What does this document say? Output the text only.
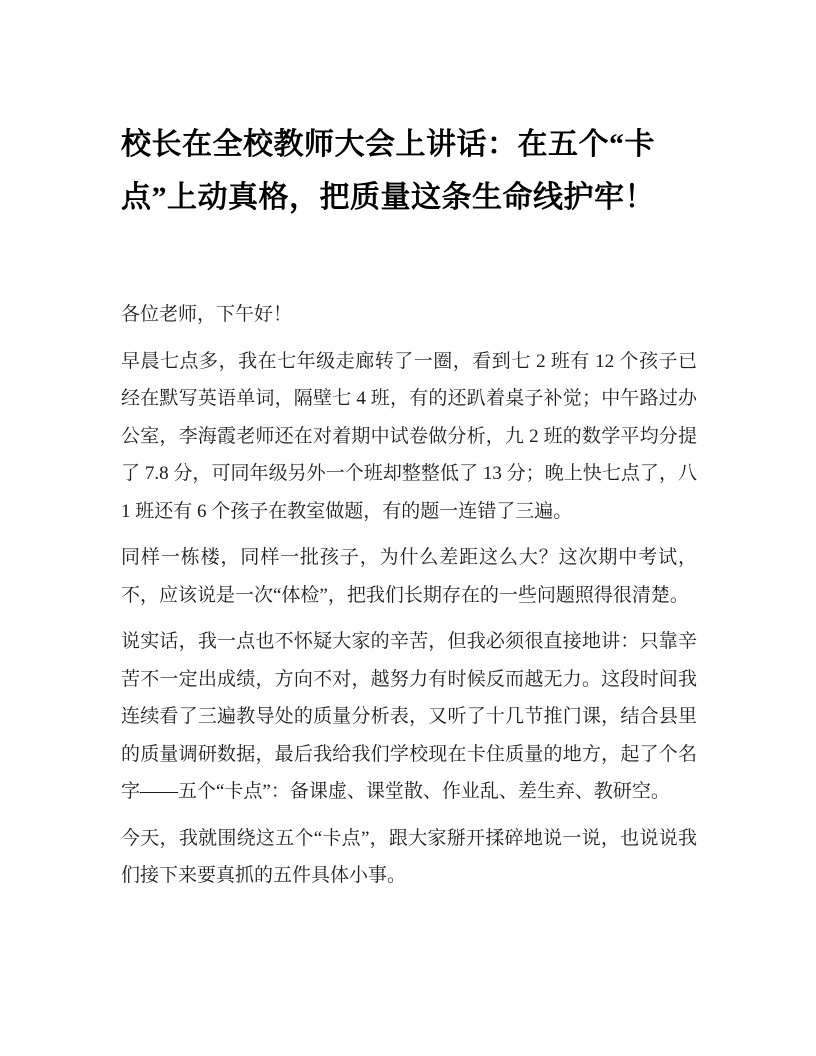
校长在全校教师大会上讲话：在五个“卡点”上动真格，把质量这条生命线护牢！

各位老师，下午好！

早晨七点多，我在七年级走廊转了一圈，看到七 2 班有 12 个孩子已经在默写英语单词，隔壁七 4 班，有的还趴着桌子补觉；中午路过办公室，李海霞老师还在对着期中试卷做分析，九 2 班的数学平均分提了 7.8 分，可同年级另外一个班却整整低了 13 分；晚上快七点了，八 1 班还有 6 个孩子在教室做题，有的题一连错了三遍。

同样一栋楼，同样一批孩子，为什么差距这么大？这次期中考试，不，应该说是一次“体检”，把我们长期存在的一些问题照得很清楚。

说实话，我一点也不怀疑大家的辛苦，但我必须很直接地讲：只靠辛苦不一定出成绩，方向不对，越努力有时候反而越无力。这段时间我连续看了三遍教导处的质量分析表，又听了十几节推门课，结合县里的质量调研数据，最后我给我们学校现在卡住质量的地方，起了个名字——五个“卡点”：备课虚、课堂散、作业乱、差生弃、教研空。

今天，我就围绕这五个“卡点”，跟大家掰开揉碎地说一说，也说说我们接下来要真抓的五件具体小事。
